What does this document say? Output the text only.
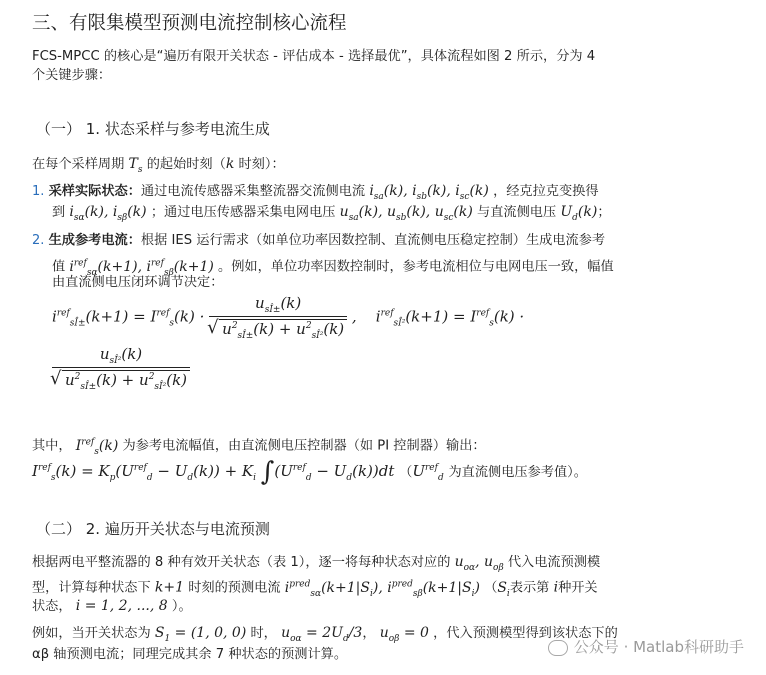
三、有限集模型预测电流控制核心流程
FCS-MPCC 的核心是“遍历有限开关状态 - 评估成本 - 选择最优”，具体流程如图 2 所示，分为 4
个关键步骤：
（一） 1. 状态采样与参考电流生成
在每个采样周期 $T_s$ 的起始时刻（k 时刻）：
1. 采样实际状态：通过电流传感器采集整流器交流侧电流 $i_{sa}(k)$, $i_{sb}(k)$, $i_{sc}(k)$ ，经克拉克变换得
到 $i_{s\alpha}(k)$, $i_{s\beta}(k)$ ；通过电压传感器采集电网电压 $u_{sa}(k)$, $u_{sb}(k)$, $u_{sc}(k)$ 与直流侧电压 $U_d(k)$；
2. 生成参考电流：根据 IES 运行需求（如单位功率因数控制、直流侧电压稳定控制）生成电流参考
值 $i^{ref}_{s\alpha}(k+1)$, $i^{ref}_{s\beta}(k+1)$ 。例如，单位功率因数控制时，参考电流相位与电网电压一致，幅值
由直流侧电压闭环调节决定：
$i^{ref}_{sÎ\pm}(k+1) = I^{ref}_s(k) \cdot u_{sÎ\pm}(k)$
√ $u^2_{sÎ\pm}(k) + u^2_{sÎ^2}(k)$ ,    $i^{ref}_{sÎ^2}(k+1) = I^{ref}_s(k)$ ·
$u_{sÎ^2}(k)$
√ $u^2_{sÎ\pm}(k) + u^2_{sÎ^2}(k)$
其中， $I^{ref}_s(k)$ 为参考电流幅值，由直流侧电压控制器（如 PI 控制器）输出：
$I^{ref}_s(k) = K_p(U^{ref}_d - U_d(k)) + K_i$ $\int(U^{ref}_d - U_d(k))dt$ （$U^{ref}_d$ 为直流侧电压参考值）。
（二） 2. 遍历开关状态与电流预测
根据两电平整流器的 8 种有效开关状态（表 1），逐一将每种状态对应的 $u_{o\alpha}$, $u_{o\beta}$ 代入电流预测模
型，计算每种状态下 k+1 时刻的预测电流 $i^{pred}_{s\alpha}(k+1|S_i)$, $i^{pred}_{s\beta}(k+1|S_i)$ （$S_i$表示第 i种开关
状态， i = 1, 2, ..., 8 ）。
例如，当开关状态为 $S_1 = (1$, 0, 0) 时， $u_{o\alpha} = 2U_d/3$， $u_{o\beta} = 0$ ，代入预测模型得到该状态下的
αβ 轴预测电流；同理完成其余 7 种状态的预测计算。	公众号 · Matlab科研助手
